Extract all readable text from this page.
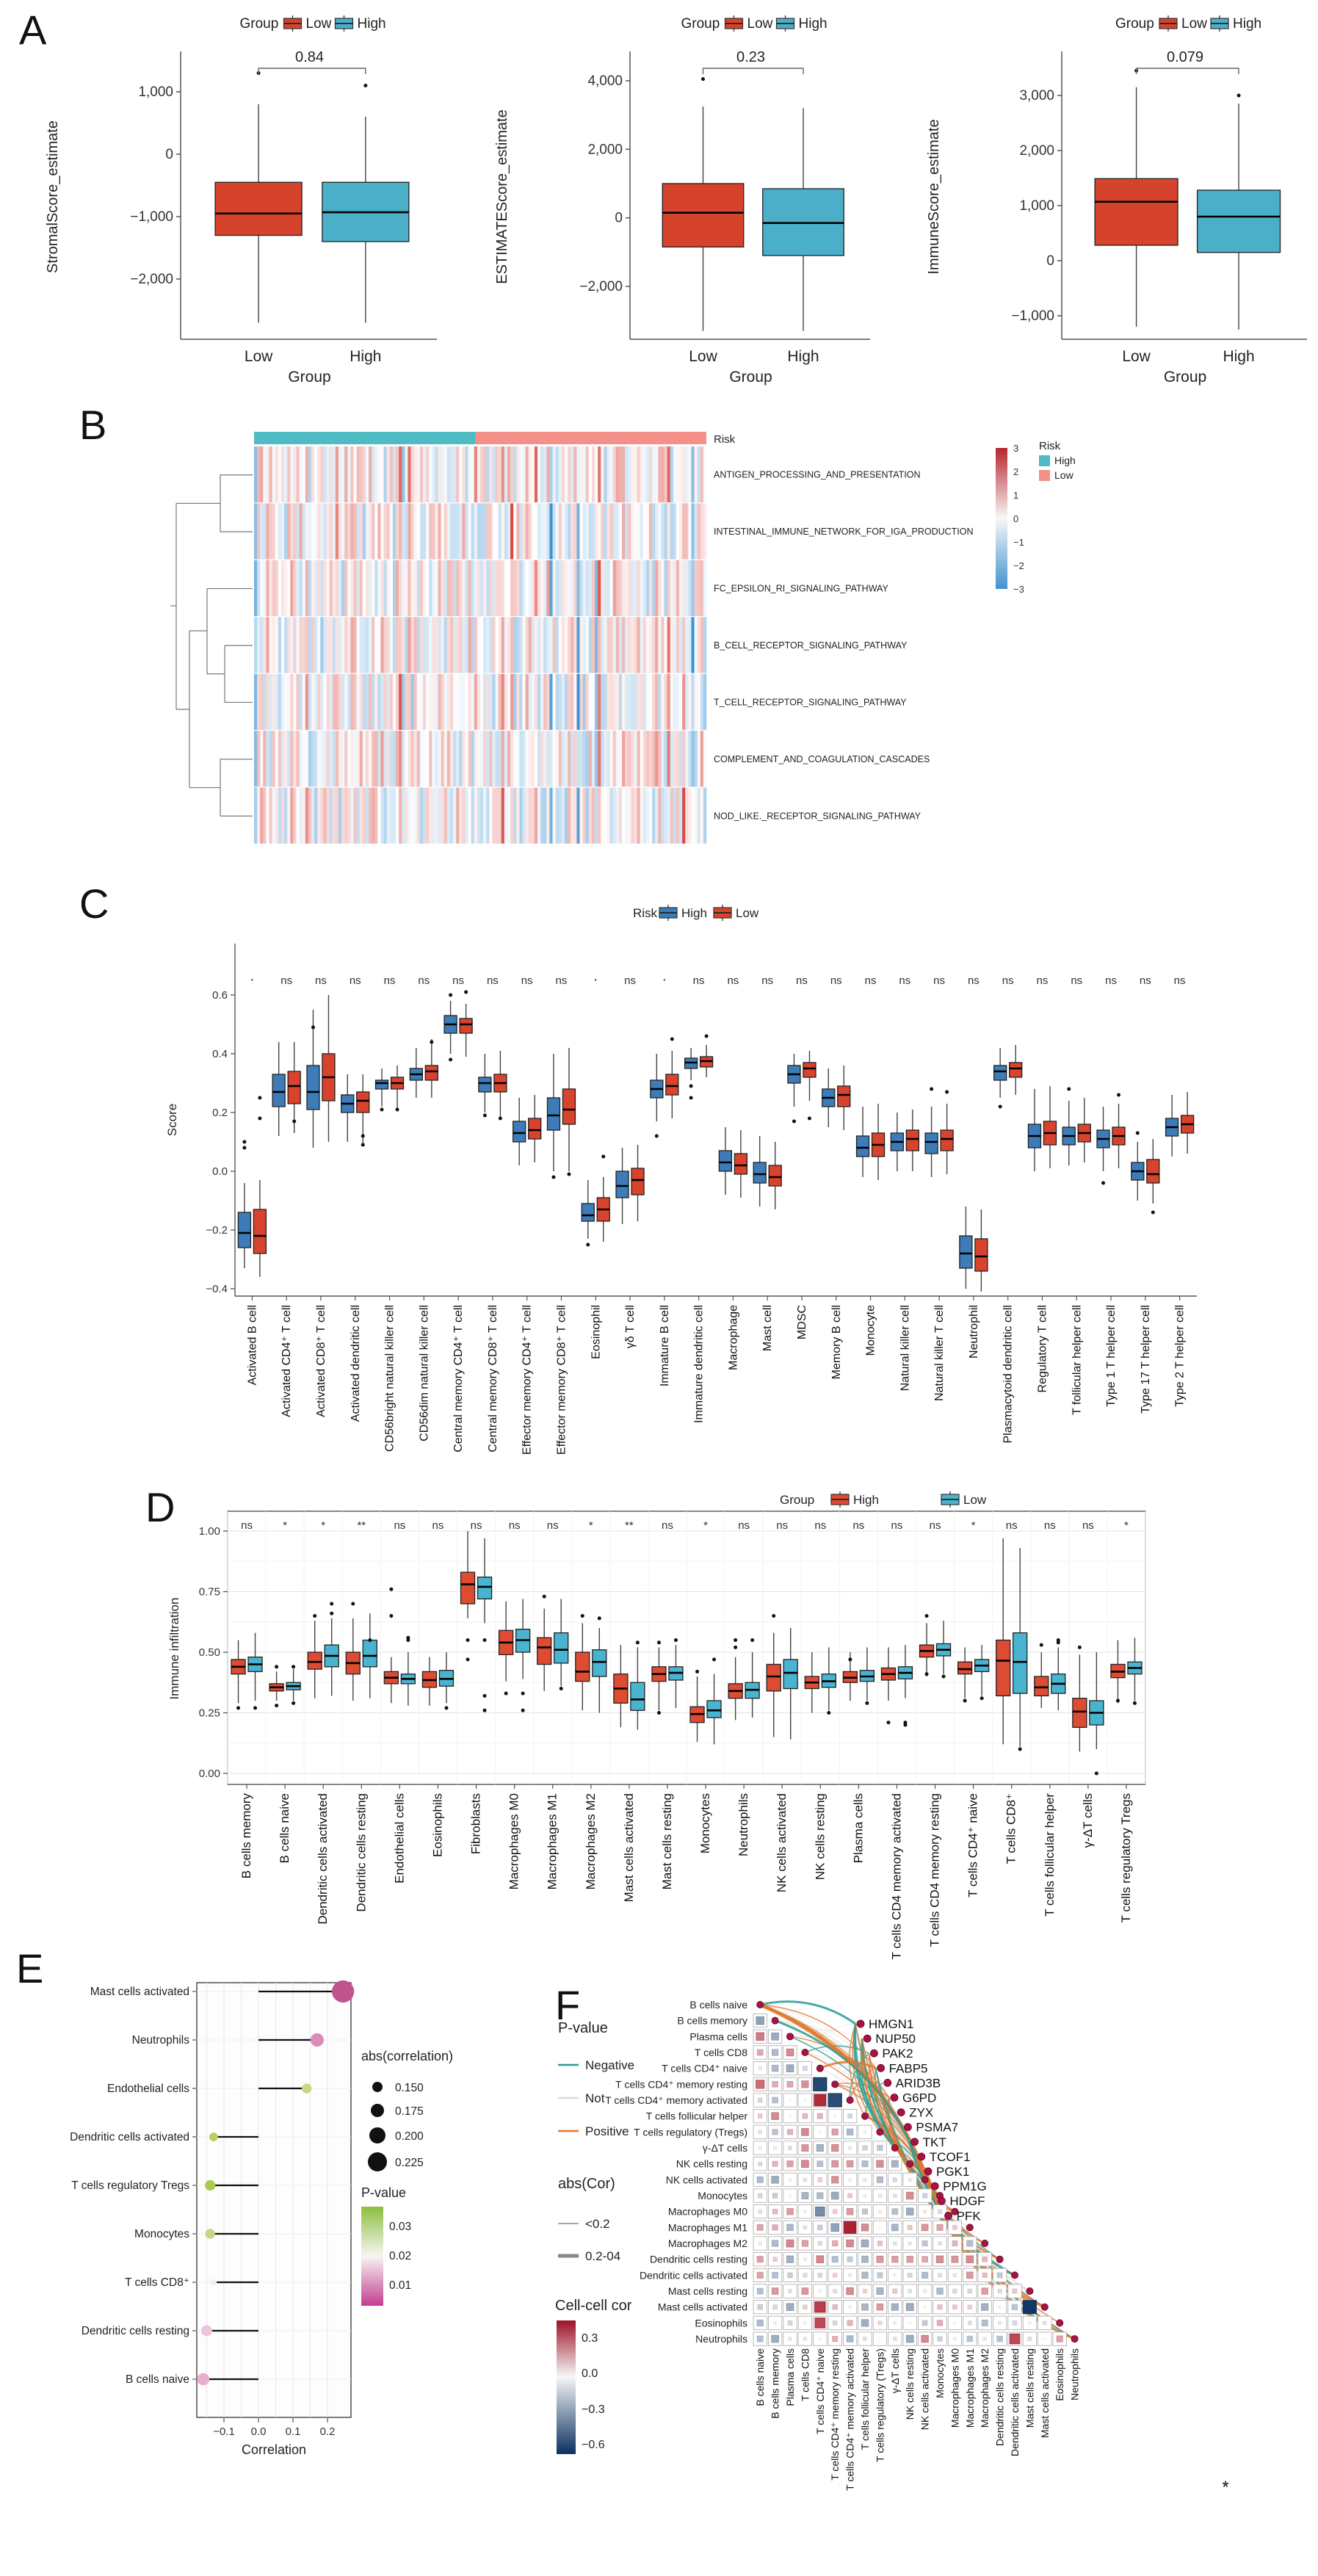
A
B
C
D
E
F
Group Low High
1,000
0
−1,000
−2,000
StromalScore_estimate
Low	High
0.84
Group
Group Low High
4,000
2,000
0
−2,000
ESTIMATEScore_estimate
Low	High
0.23
Group
Group Low High
3,000
2,000
1,000
0
−1,000
ImmuneScore_estimate
Low	High
0.079
Group
Risk
ANTIGEN_PROCESSING_AND_PRESENTATION
INTESTINAL_IMMUNE_NETWORK_FOR_IGA_PRODUCTION
FC_EPSILON_RI_SIGNALING_PATHWAY
B_CELL_RECEPTOR_SIGNALING_PATHWAY
T_CELL_RECEPTOR_SIGNALING_PATHWAY
COMPLEMENT_AND_COAGULATION_CASCADES
NOD_LIKE._RECEPTOR_SIGNALING_PATHWAY
3
2
1
0
−1
−2
−3
Risk
High
Low
Risk High Low
0.6
0.4
0.2
0.0
−0.2
−0.4
Score
·
Activated B cell
ns
Activated CD4⁺ T cell
ns
Activated CD8⁺ T cell
ns
Activated dendritic cell
ns
CD56bright natural killer cell
ns
CD56dim natural killer cell
ns
Central memory CD4⁺ T cell
ns
Central memory CD8⁺ T cell
ns
Effector memory CD4⁺ T cell
ns
Effector memory CD8⁺ T cell
·
Eosinophil
ns
γδ T cell
·
Immature B cell
ns
Immature dendritic cell
ns
Macrophage
ns
Mast cell
ns
MDSC
ns
Memory B cell
ns
Monocyte
ns
Natural killer cell
ns
Natural killer T cell
ns
Neutrophil
ns
Plasmacytoid dendritic cell
ns
Regulatory T cell
ns
T follicular helper cell
ns
Type 1 T helper cell
ns
Type 17 T helper cell
ns
Type 2 T helper cell
Group	High	Low
1.00
0.75
0.50
0.25
0.00
Immune infiltration
ns
B cells memory
*
B cells naive
*
Dendritic cells activated
**
Dendritic cells resting
ns
Endothelial cells
ns
Eosinophils
ns
Fibroblasts
ns
Macrophages M0
ns
Macrophages M1
*
Macrophages M2
**
Mast cells activated
ns
Mast cells resting
*
Monocytes
ns
Neutrophils
ns
NK cells activated
ns
NK cells resting
ns
Plasma cells
ns
T cells CD4 memory activated
ns
T cells CD4 memory resting
*
T cells CD4⁺ naive
ns
T cells CD8⁺
ns
T cells follicular helper
ns
γ-ΔT cells
*
T cells regulatory Tregs
Mast cells activated
Neutrophils
Endothelial cells
Dendritic cells activated
T cells regulatory Tregs
Monocytes
T cells CD8⁺
Dendritic cells resting
B cells naive
−0.1 0.0 0.1 0.2
Correlation
abs(correlation)
0.150
0.175
0.200
0.225
P-value
0.03
0.02
0.01
B cells naive
B cells naive
B cells memory
B cells memory
Plasma cells
Plasma cells
T cells CD8
T cells CD8
T cells CD4⁺ naive
T cells CD4⁺ naive
T cells CD4⁺ memory resting
T cells CD4⁺ memory resting
T cells CD4⁺ memory activated
T cells CD4⁺ memory activated
T cells follicular helper
T cells follicular helper
T cells regulatory (Tregs)
T cells regulatory (Tregs)
γ-ΔT cells
γ-ΔT cells
NK cells resting
NK cells resting
NK cells activated
NK cells activated
Monocytes
Monocytes
Macrophages M0
Macrophages M0
Macrophages M1
Macrophages M1
Macrophages M2
Macrophages M2
Dendritic cells resting
Dendritic cells resting
Dendritic cells activated
Dendritic cells activated
Mast cells resting
Mast cells resting
Mast cells activated
Mast cells activated
Eosinophils
Eosinophils
Neutrophils
Neutrophils
HMGN1
NUP50
PAK2
FABP5
ARID3B
G6PD
ZYX
PSMA7
TKT
TCOF1
PGK1
PPM1G
HDGF
PFK
P-value
Negative
Not
Positive
abs(Cor)
<0.2
0.2-04
Cell-cell cor
0.3
0.0
−0.3
−0.6
*
